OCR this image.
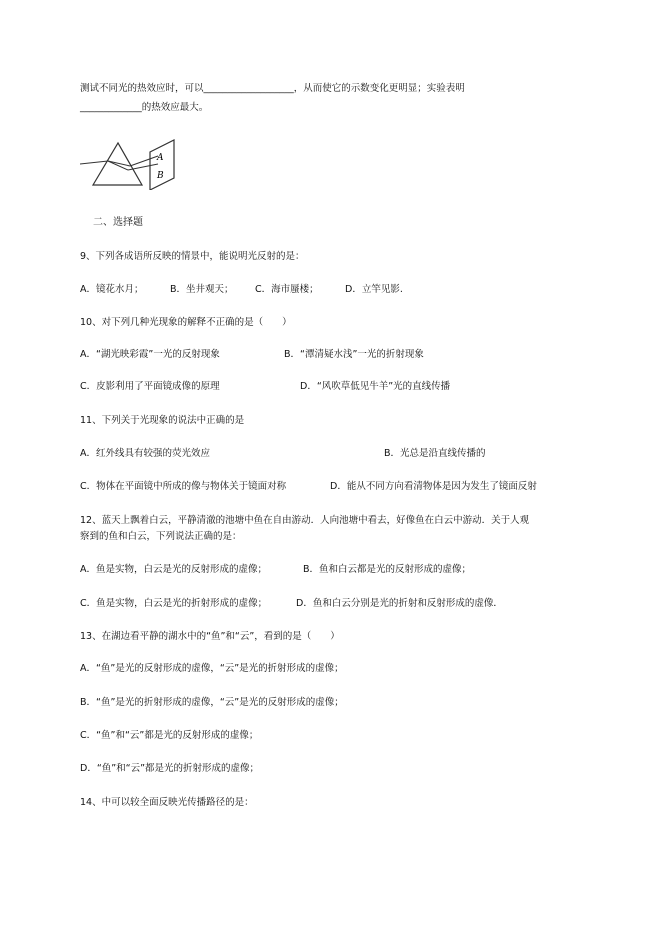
测试不同光的热效应时，可以___________________，从而使它的示数变化更明显；实验表明
_____________的热效应最大。
A
B
二、选择题
9、下列各成语所反映的情景中，能说明光反射的是：
A．镜花水月；	B．坐井观天； C．海市蜃楼；	D．立竿见影.
10、对下列几种光现象的解释不正确的是（　　）
A．“湖光映彩霞”一光的反射现象	B．“潭清疑水浅”一光的折射现象
C．皮影利用了平面镜成像的原理	D．“风吹草低见牛羊”光的直线传播
11、下列关于光现象的说法中正确的是
A．红外线具有较强的荧光效应	B．光总是沿直线传播的
C．物体在平面镜中所成的像与物体关于镜面对称	D．能从不同方向看清物体是因为发生了镜面反射
12、蓝天上飘着白云，平静清澈的池塘中鱼在自由游动．人向池塘中看去，好像鱼在白云中游动．关于人观
察到的鱼和白云，下列说法正确的是：
A．鱼是实物，白云是光的反射形成的虚像；	B．鱼和白云都是光的反射形成的虚像；
C．鱼是实物，白云是光的折射形成的虚像；	D．鱼和白云分别是光的折射和反射形成的虚像．
13、在湖边看平静的湖水中的“鱼”和“云”，看到的是（　　）
A．“鱼”是光的反射形成的虚像，“云”是光的折射形成的虚像；
B．“鱼”是光的折射形成的虚像，“云”是光的反射形成的虚像；
C．“鱼”和“云”都是光的反射形成的虚像；
D．“鱼”和“云”都是光的折射形成的虚像；
14、中可以较全面反映光传播路径的是：
